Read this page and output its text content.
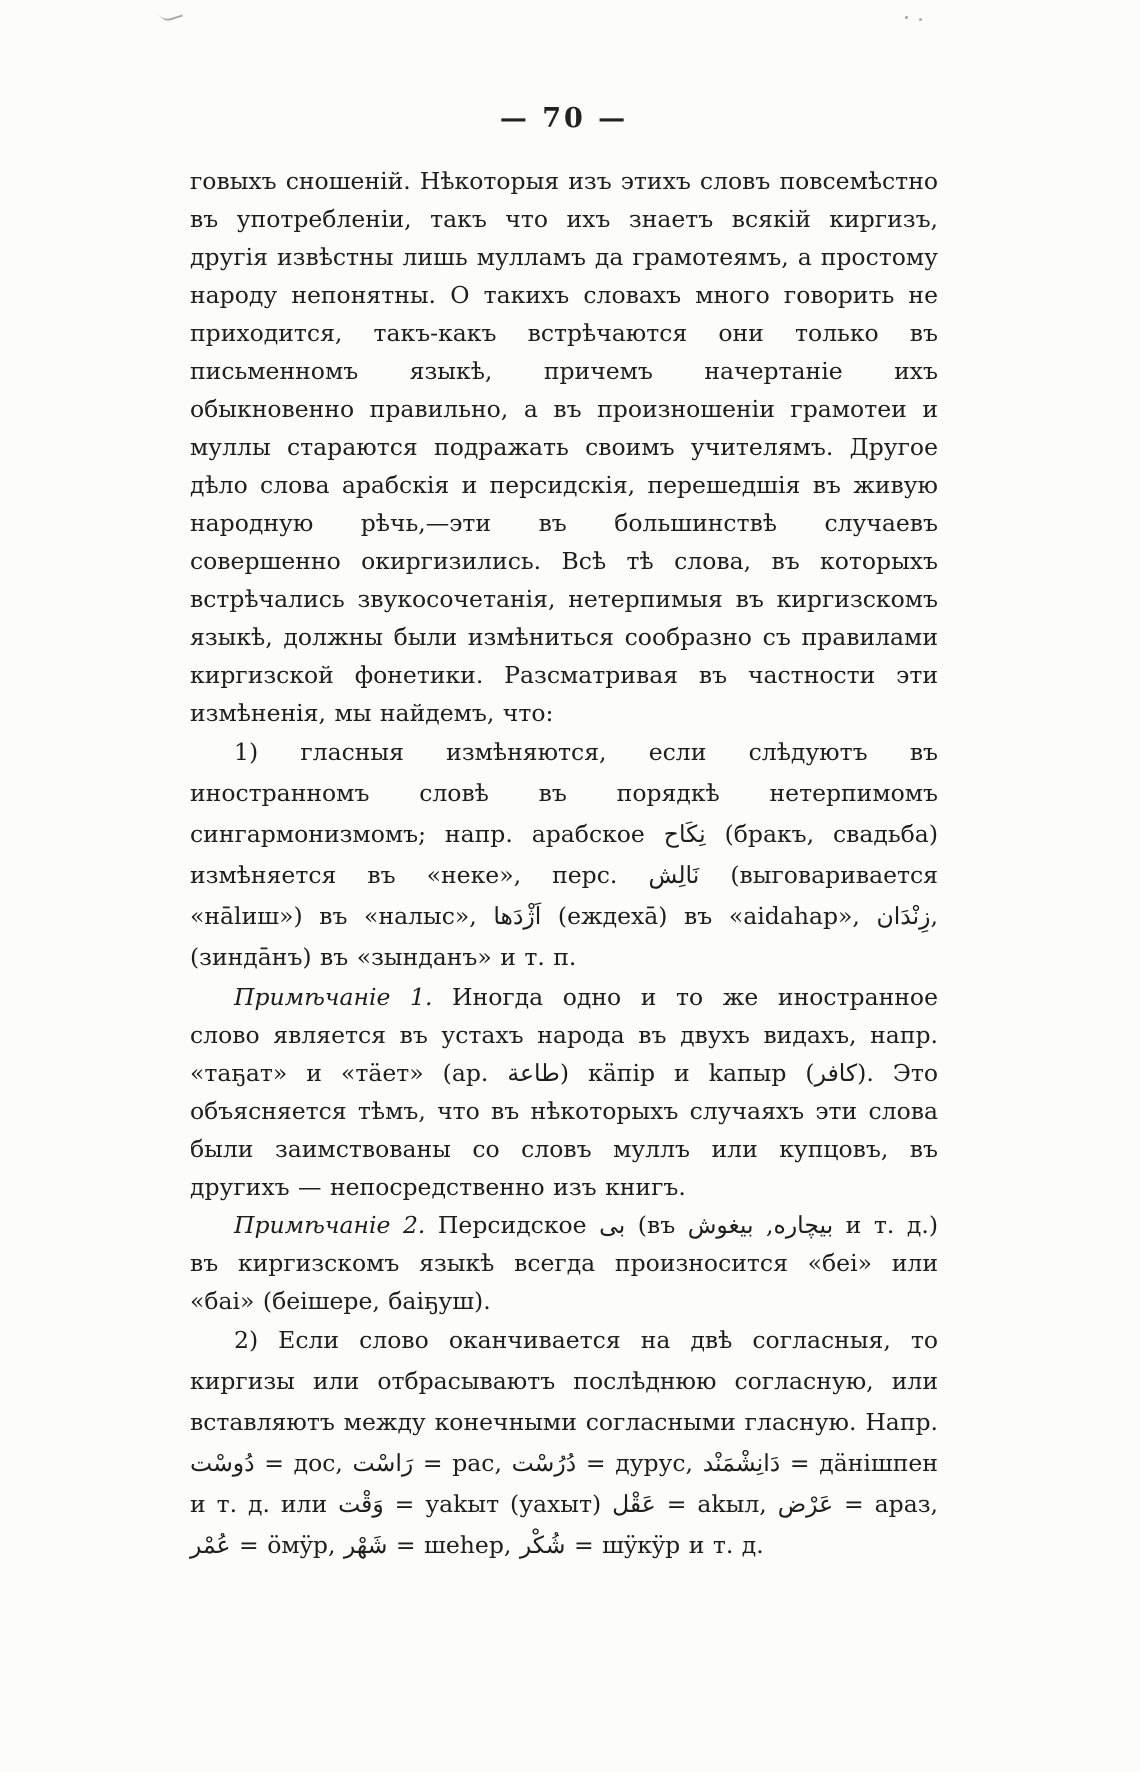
— 70 —

говыхъ сношеній. Нѣкоторыя изъ этихъ словъ повсемѣстно въ употребленіи, такъ что ихъ знаетъ всякій киргизъ, другія извѣстны лишь мулламъ да грамотеямъ, а простому народу непонятны. О такихъ словахъ много говорить не приходится, такъ-какъ встрѣчаются они только въ письменномъ языкѣ, причемъ начертаніе ихъ обыкновенно правильно, а въ произношеніи грамотеи и муллы стараются подражать своимъ учителямъ. Другое дѣло слова арабскія и персидскія, перешедшія въ живую народную рѣчь,—эти въ большинствѣ случаевъ совершенно окиргизились. Всѣ тѣ слова, въ которыхъ встрѣчались звукосочетанія, нетерпимыя въ киргизскомъ языкѣ, должны были измѣниться сообразно съ правилами киргизской фонетики. Разсматривая въ частности эти измѣненія, мы найдемъ, что:

1) гласныя измѣняются, если слѣдуютъ въ иностранномъ словѣ въ порядкѣ нетерпимомъ сингармонизмомъ; напр. арабское نِكَاح (бракъ, свадьба) измѣняется въ «неке», перс. نَالِش (выговаривается «нālиш») въ «налыс», اَژْدَها (еждехā) въ «аіdаhар», زِنْدَان, (зиндāнъ) въ «зынданъ» и т. п.

Примѣчаніе 1. Иногда одно и то же иностранное слово является въ устахъ народа въ двухъ видахъ, напр. «таҕат» и «тäет» (ар. طاعة) кäпір и kапыр (كافر). Это объясняется тѣмъ, что въ нѣкоторыхъ случаяхъ эти слова были заимствованы со словъ муллъ или купцовъ, въ другихъ — непосредственно изъ книгъ.

Примѣчаніе 2. Персидское بى (въ بيچاره, بيغوش и т. д.) въ киргизскомъ языкѣ всегда произносится «беі» или «баі» (беішере, баіҕуш).

2) Если слово оканчивается на двѣ согласныя, то киргизы или отбрасываютъ послѣднюю согласную, или вставляютъ между конечными согласными гласную. Напр. دُوسْت = дос, رَاسْت = рас, دُرُسْت = дурус, دَانِشْمَنْد = дäнішпен и т. д. или وَقْت = уаkыт (уахыт) عَقْل = аkыл, عَرْض = араз, عُمْر = öмÿр, شَهْر = шеhер, شُكْر = шÿкÿр и т. д.
